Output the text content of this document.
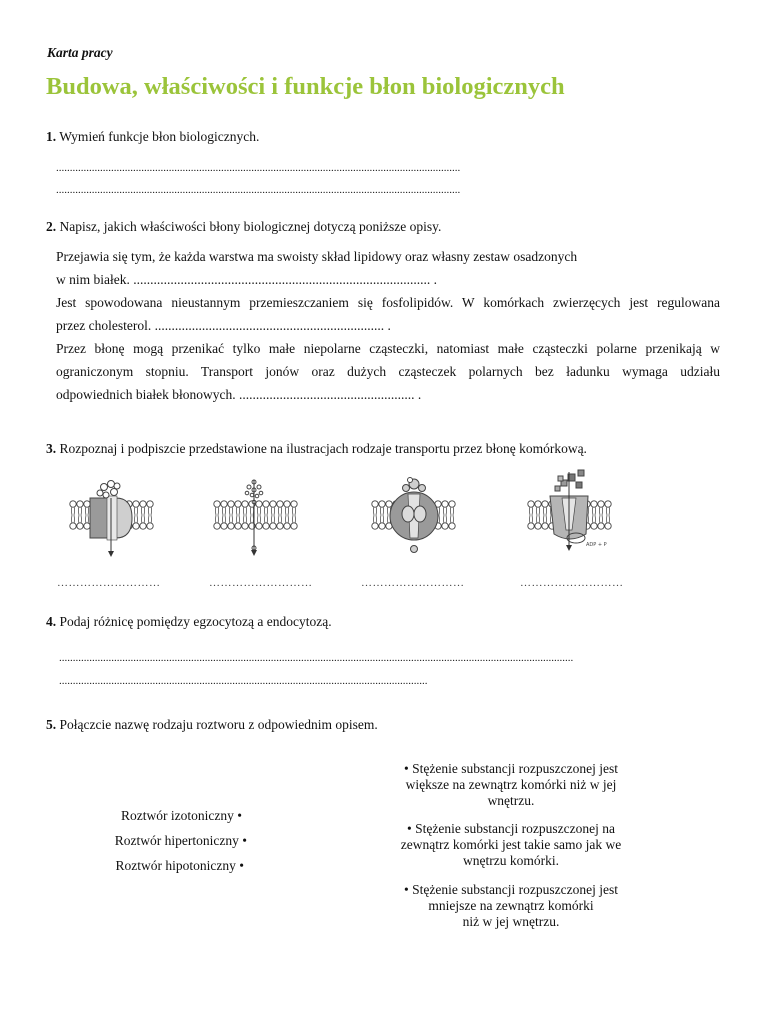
Karta pracy
Budowa, właściwości i funkcje błon biologicznych
1. Wymień funkcje błon biologicznych.
...................................................................................................................................................
...................................................................................................................................................
2. Napisz, jakich właściwości błony biologicznej dotyczą poniższe opisy.
Przejawia się tym, że każda warstwa ma swoisty skład lipidowy oraz własny zestaw osadzonych
w nim białek. ........................................................................................ .
Jest spowodowana nieustannym przemieszczaniem się fosfolipidów. W komórkach zwierzęcych jest regulowana
przez cholesterol. .................................................................... .
Przez błonę mogą przenikać tylko małe niepolarne cząsteczki, natomiast małe cząsteczki polarne przenikają w
ograniczonym stopniu. Transport jonów oraz dużych cząsteczek polarnych bez ładunku wymaga udziału
odpowiednich białek błonowych. .................................................... .
3. Rozpoznaj i podpiszcie przedstawione na ilustracjach rodzaje transportu przez błonę komórkową.
ADP + P
………………………	………………………	………………………	………………………
4. Podaj różnicę pomiędzy egzocytozą a endocytozą.
...........................................................................................................................................................................................
......................................................................................................................................
5. Połączcie nazwę rodzaju roztworu z odpowiednim opisem.
Roztwór izotoniczny •
Roztwór hipertoniczny •
Roztwór hipotoniczny •
• Stężenie substancji rozpuszczonej jest
większe na zewnątrz komórki niż w jej
wnętrzu.
• Stężenie substancji rozpuszczonej na
zewnątrz komórki jest takie samo jak we
wnętrzu komórki.
• Stężenie substancji rozpuszczonej jest
mniejsze na zewnątrz komórki
niż w jej wnętrzu.
